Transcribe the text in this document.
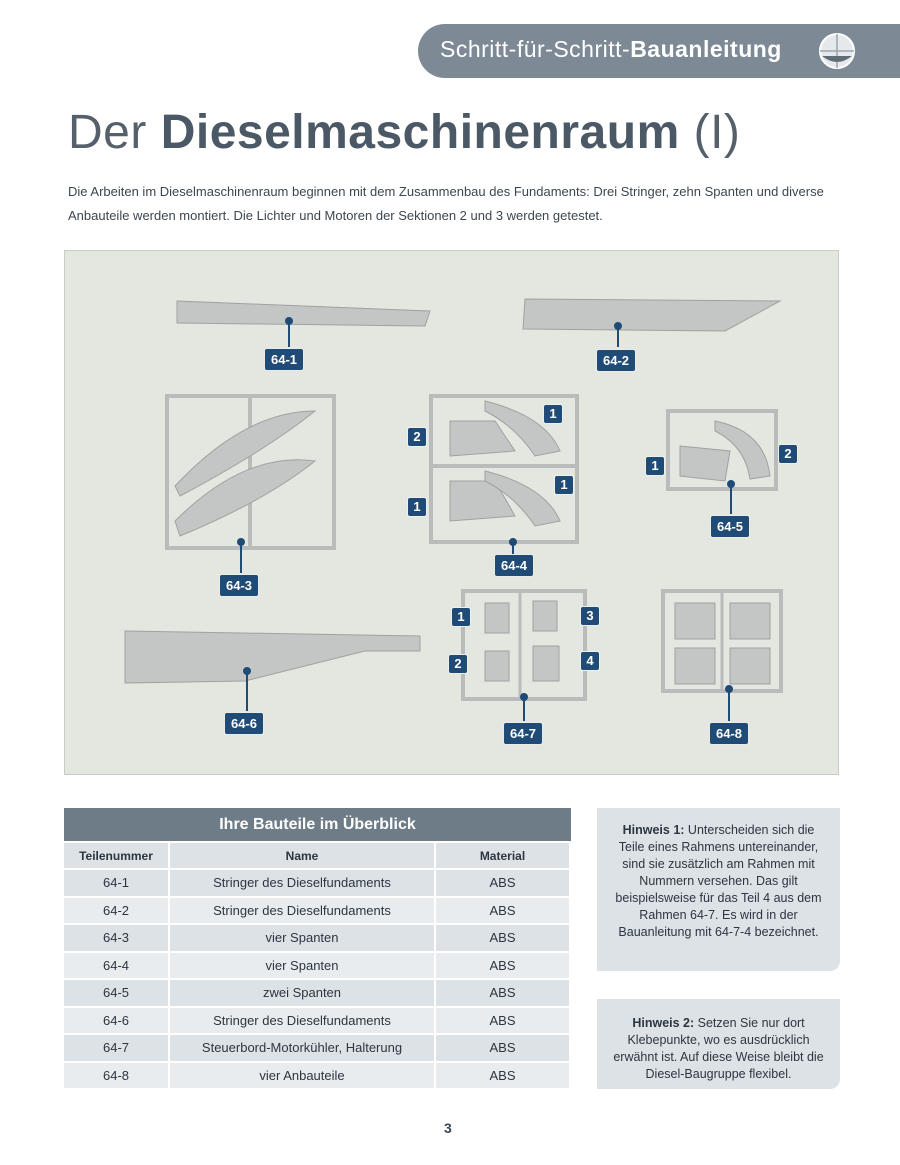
Schritt-für-Schritt-Bauanleitung
Der Dieselmaschinenraum (I)

Die Arbeiten im Dieselmaschinenraum beginnen mit dem Zusammenbau des Fundaments: Drei Stringer, zehn Spanten und diverse Anbauteile werden montiert. Die Lichter und Motoren der Sektionen 2 und 3 werden getestet.

64-1	64-2
64-3
64-4
64-5
64-6
64-7	64-8
1
2
1
1
1
2
1
2
3
4
Ihre Bauteile im Überblick		
Teilenummer	Name	Material
64-1	Stringer des Dieselfundaments	ABS
64-2	Stringer des Dieselfundaments	ABS
64-3	vier Spanten	ABS
64-4	vier Spanten	ABS
64-5	zwei Spanten	ABS
64-6	Stringer des Dieselfundaments	ABS
64-7	Steuerbord-Motorkühler, Halterung	ABS
64-8	vier Anbauteile	ABS
Hinweis 1: Unterscheiden sich die Teile eines Rahmens untereinander, sind sie zusätzlich am Rahmen mit Nummern versehen. Das gilt beispielsweise für das Teil 4 aus dem Rahmen 64-7. Es wird in der Bauanleitung mit 64-7-4 bezeichnet.
Hinweis 2: Setzen Sie nur dort Klebepunkte, wo es ausdrücklich erwähnt ist. Auf diese Weise bleibt die Diesel-Baugruppe flexibel.
3
